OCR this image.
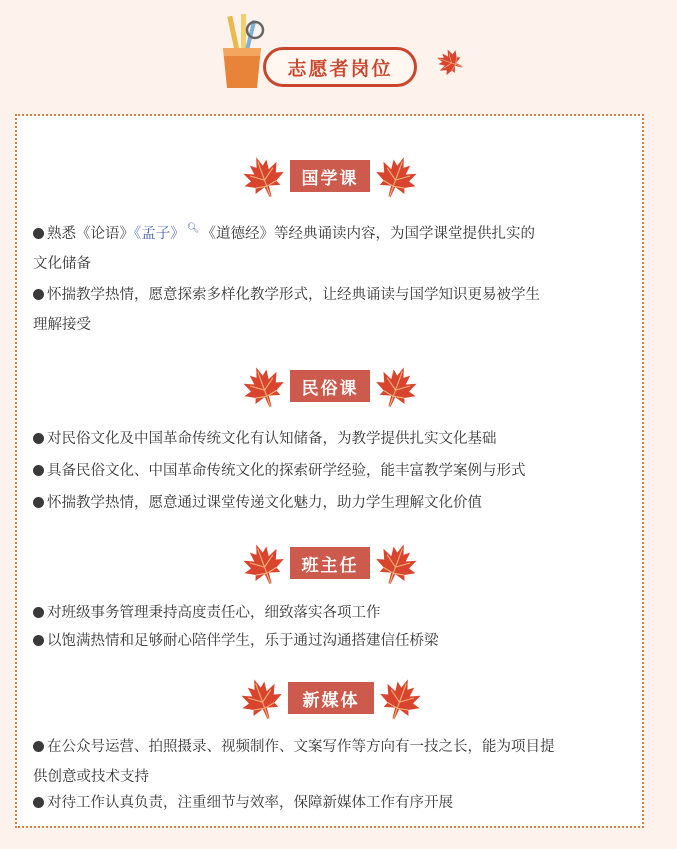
志愿者岗位
国学课
熟悉《论语》《孟子》 🔍︎ 《道德经》等经典诵读内容，为国学课堂提供扎实的
文化储备
怀揣教学热情，愿意探索多样化教学形式，让经典诵读与国学知识更易被学生
理解接受
民俗课
对民俗文化及中国革命传统文化有认知储备，为教学提供扎实文化基础
具备民俗文化、中国革命传统文化的探索研学经验，能丰富教学案例与形式
怀揣教学热情，愿意通过课堂传递文化魅力，助力学生理解文化价值
班主任
对班级事务管理秉持高度责任心，细致落实各项工作
以饱满热情和足够耐心陪伴学生，乐于通过沟通搭建信任桥梁
新媒体
在公众号运营、拍照摄录、视频制作、文案写作等方向有一技之长，能为项目提
供创意或技术支持
对待工作认真负责，注重细节与效率，保障新媒体工作有序开展
